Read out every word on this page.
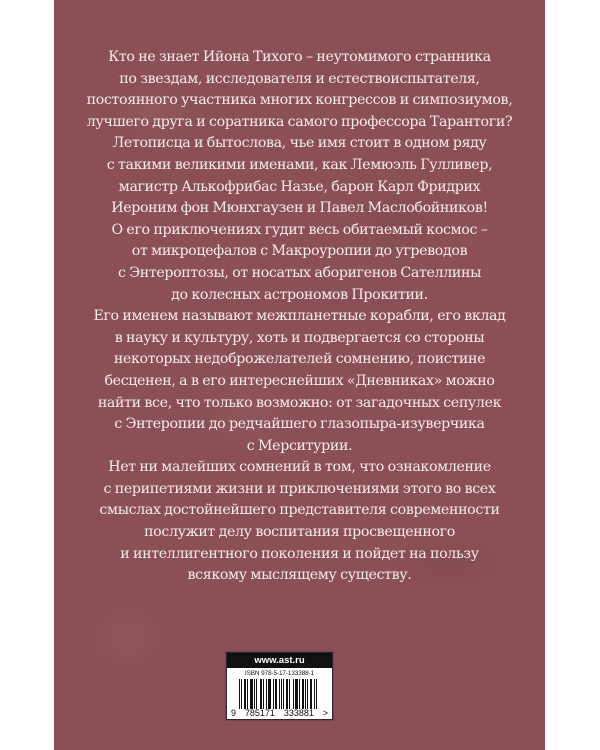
Кто не знает Ийона Тихого – неутомимого странника
по звездам, исследователя и естествоиспытателя,
постоянного участника многих конгрессов и симпозиумов,
лучшего друга и соратника самого профессора Тарантоги?
Летописца и бытослова, чье имя стоит в одном ряду
с такими великими именами, как Лемюэль Гулливер,
магистр Алькофрибас Назье, барон Карл Фридрих
Иероним фон Мюнхгаузен и Павел Маслобойников!
О его приключениях гудит весь обитаемый космос –
от микроцефалов с Макроуропии до угреводов
с Энтероптозы, от носатых аборигенов Сателлины
до колесных астрономов Прокитии.
Его именем называют межпланетные корабли, его вклад
в науку и культуру, хоть и подвергается со стороны
некоторых недоброжелателей сомнению, поистине
бесценен, а в его интереснейших «Дневниках» можно
найти все, что только возможно: от загадочных сепулек
с Энтеропии до редчайшего глазопыра-изуверчика
с Мерситурии.
Нет ни малейших сомнений в том, что ознакомление
с перипетиями жизни и приключениями этого во всех
смыслах достойнейшего представителя современности
послужит делу воспитания просвещенного
и интеллигентного поколения и пойдет на пользу
всякому мыслящему существу.

www.ast.ru
ISBN 978-5-17-133388-1
9 785171 333881 >
